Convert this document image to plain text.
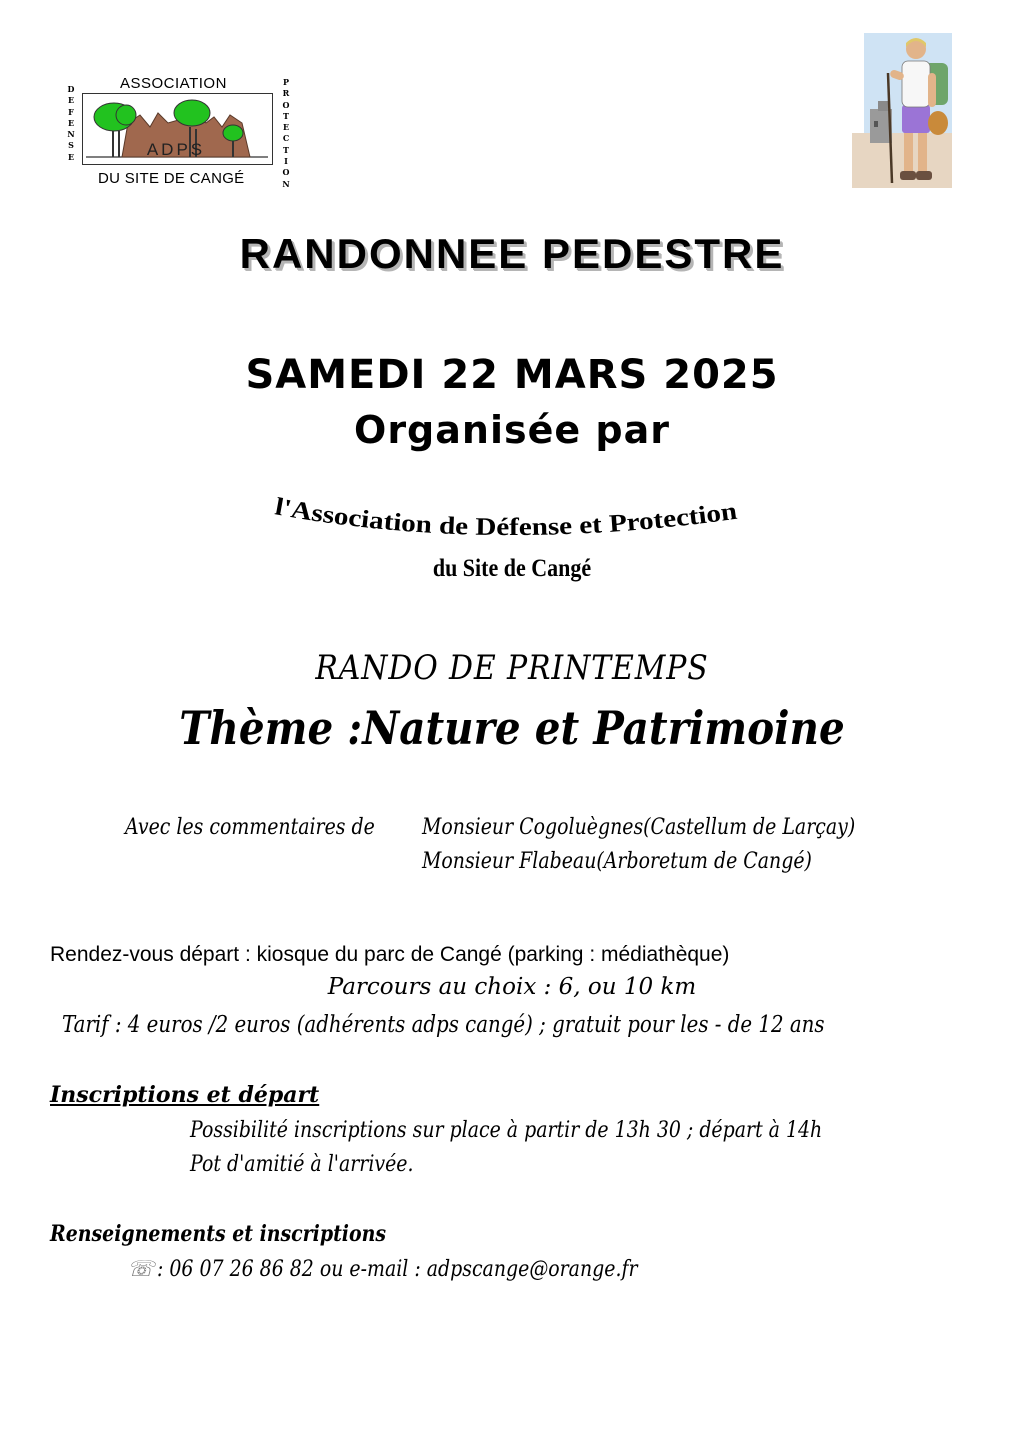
ASSOCIATION
ADPS
DU SITE DE CANGÉ
D
E
F
E
N
S
E
P
R
O
T
E
C
T
I
O
N
RANDONNEE PEDESTRE
SAMEDI 22 MARS 2025
Organisée par
l'Association de Défense et Protection
du Site de Cangé
RANDO DE PRINTEMPS
Thème :Nature et Patrimoine
Avec les commentaires de	Monsieur Cogoluègnes(Castellum de Larçay)
Monsieur Flabeau(Arboretum de Cangé)
Rendez-vous départ : kiosque du parc de Cangé (parking : médiathèque)
Parcours au choix : 6, ou 10 km
Tarif : 4 euros /2 euros (adhérents adps cangé) ; gratuit pour les - de 12 ans
Inscriptions et départ
Possibilité inscriptions sur place à partir de 13h 30 ; départ à 14h
Pot d'amitié à l'arrivée.
Renseignements et inscriptions
☏ : 06 07 26 86 82 ou e-mail : adpscange@orange.fr
